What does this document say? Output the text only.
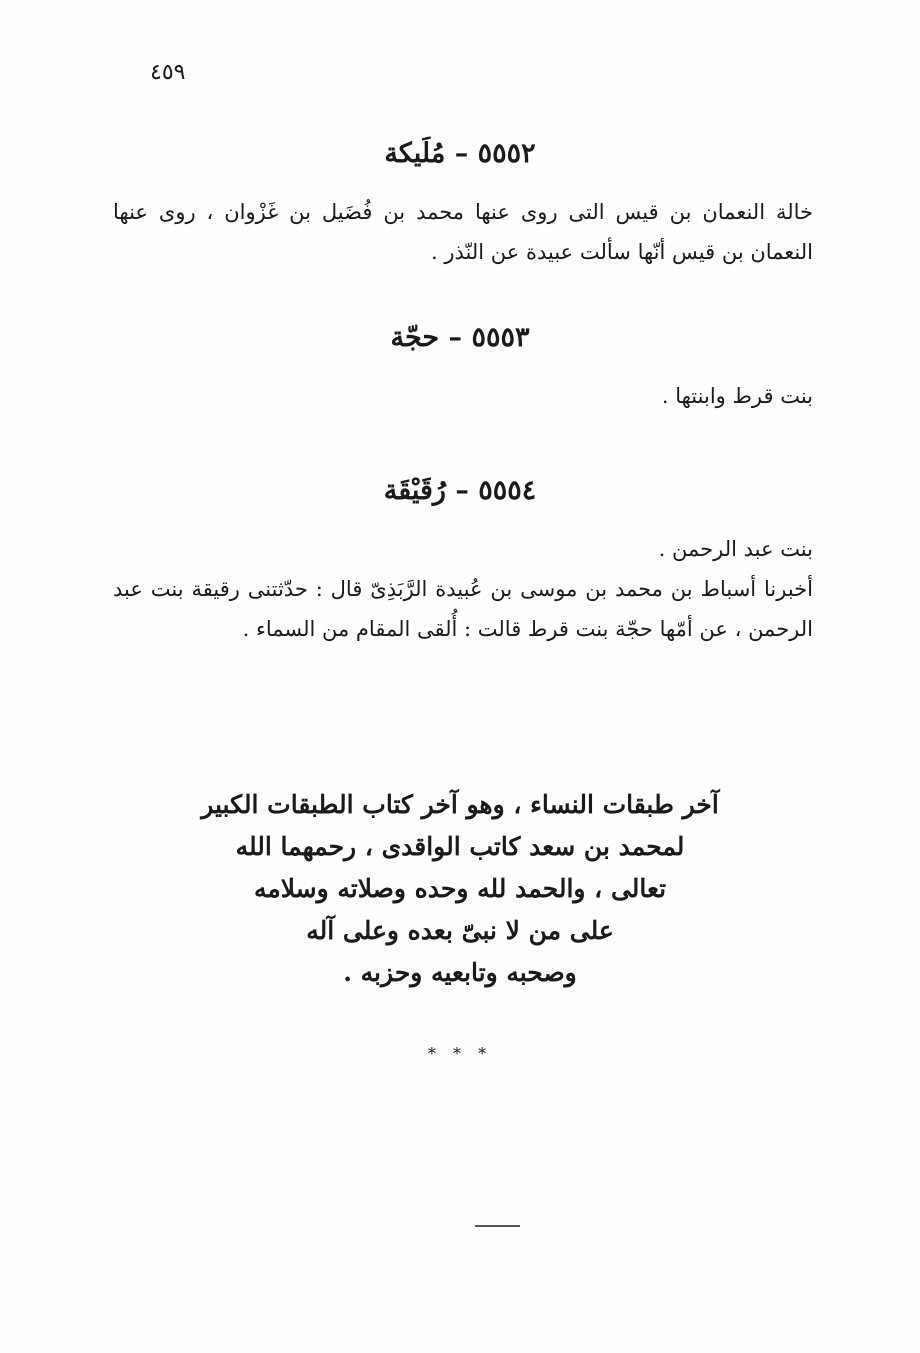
٤٥٩
٥٥٥٢ – مُلَيكة
خالة النعمان بن قيس التى روى عنها محمد بن فُضَيل بن غَزْوان ، روى عنها النعمان بن قيس أنّها سألت عبيدة عن النّذر .
٥٥٥٣ – حجّة
بنت قرط وابنتها .
٥٥٥٤ – رُقَيْقَة
بنت عبد الرحمن .
أخبرنا أسباط بن محمد بن موسى بن عُبيدة الرَّبَذِىّ قال : حدّثتنى رقيقة بنت عبد الرحمن ، عن أمّها حجّة بنت قرط قالت : أُلقى المقام من السماء .
آخر طبقات النساء ، وهو آخر كتاب الطبقات الكبير
لمحمد بن سعد كاتب الواقدى ، رحمهما الله
تعالى ، والحمد لله وحده وصلاته وسلامه
على من لا نبىّ بعده وعلى آله
وصحبه وتابعيه وحزبه .
* * *
